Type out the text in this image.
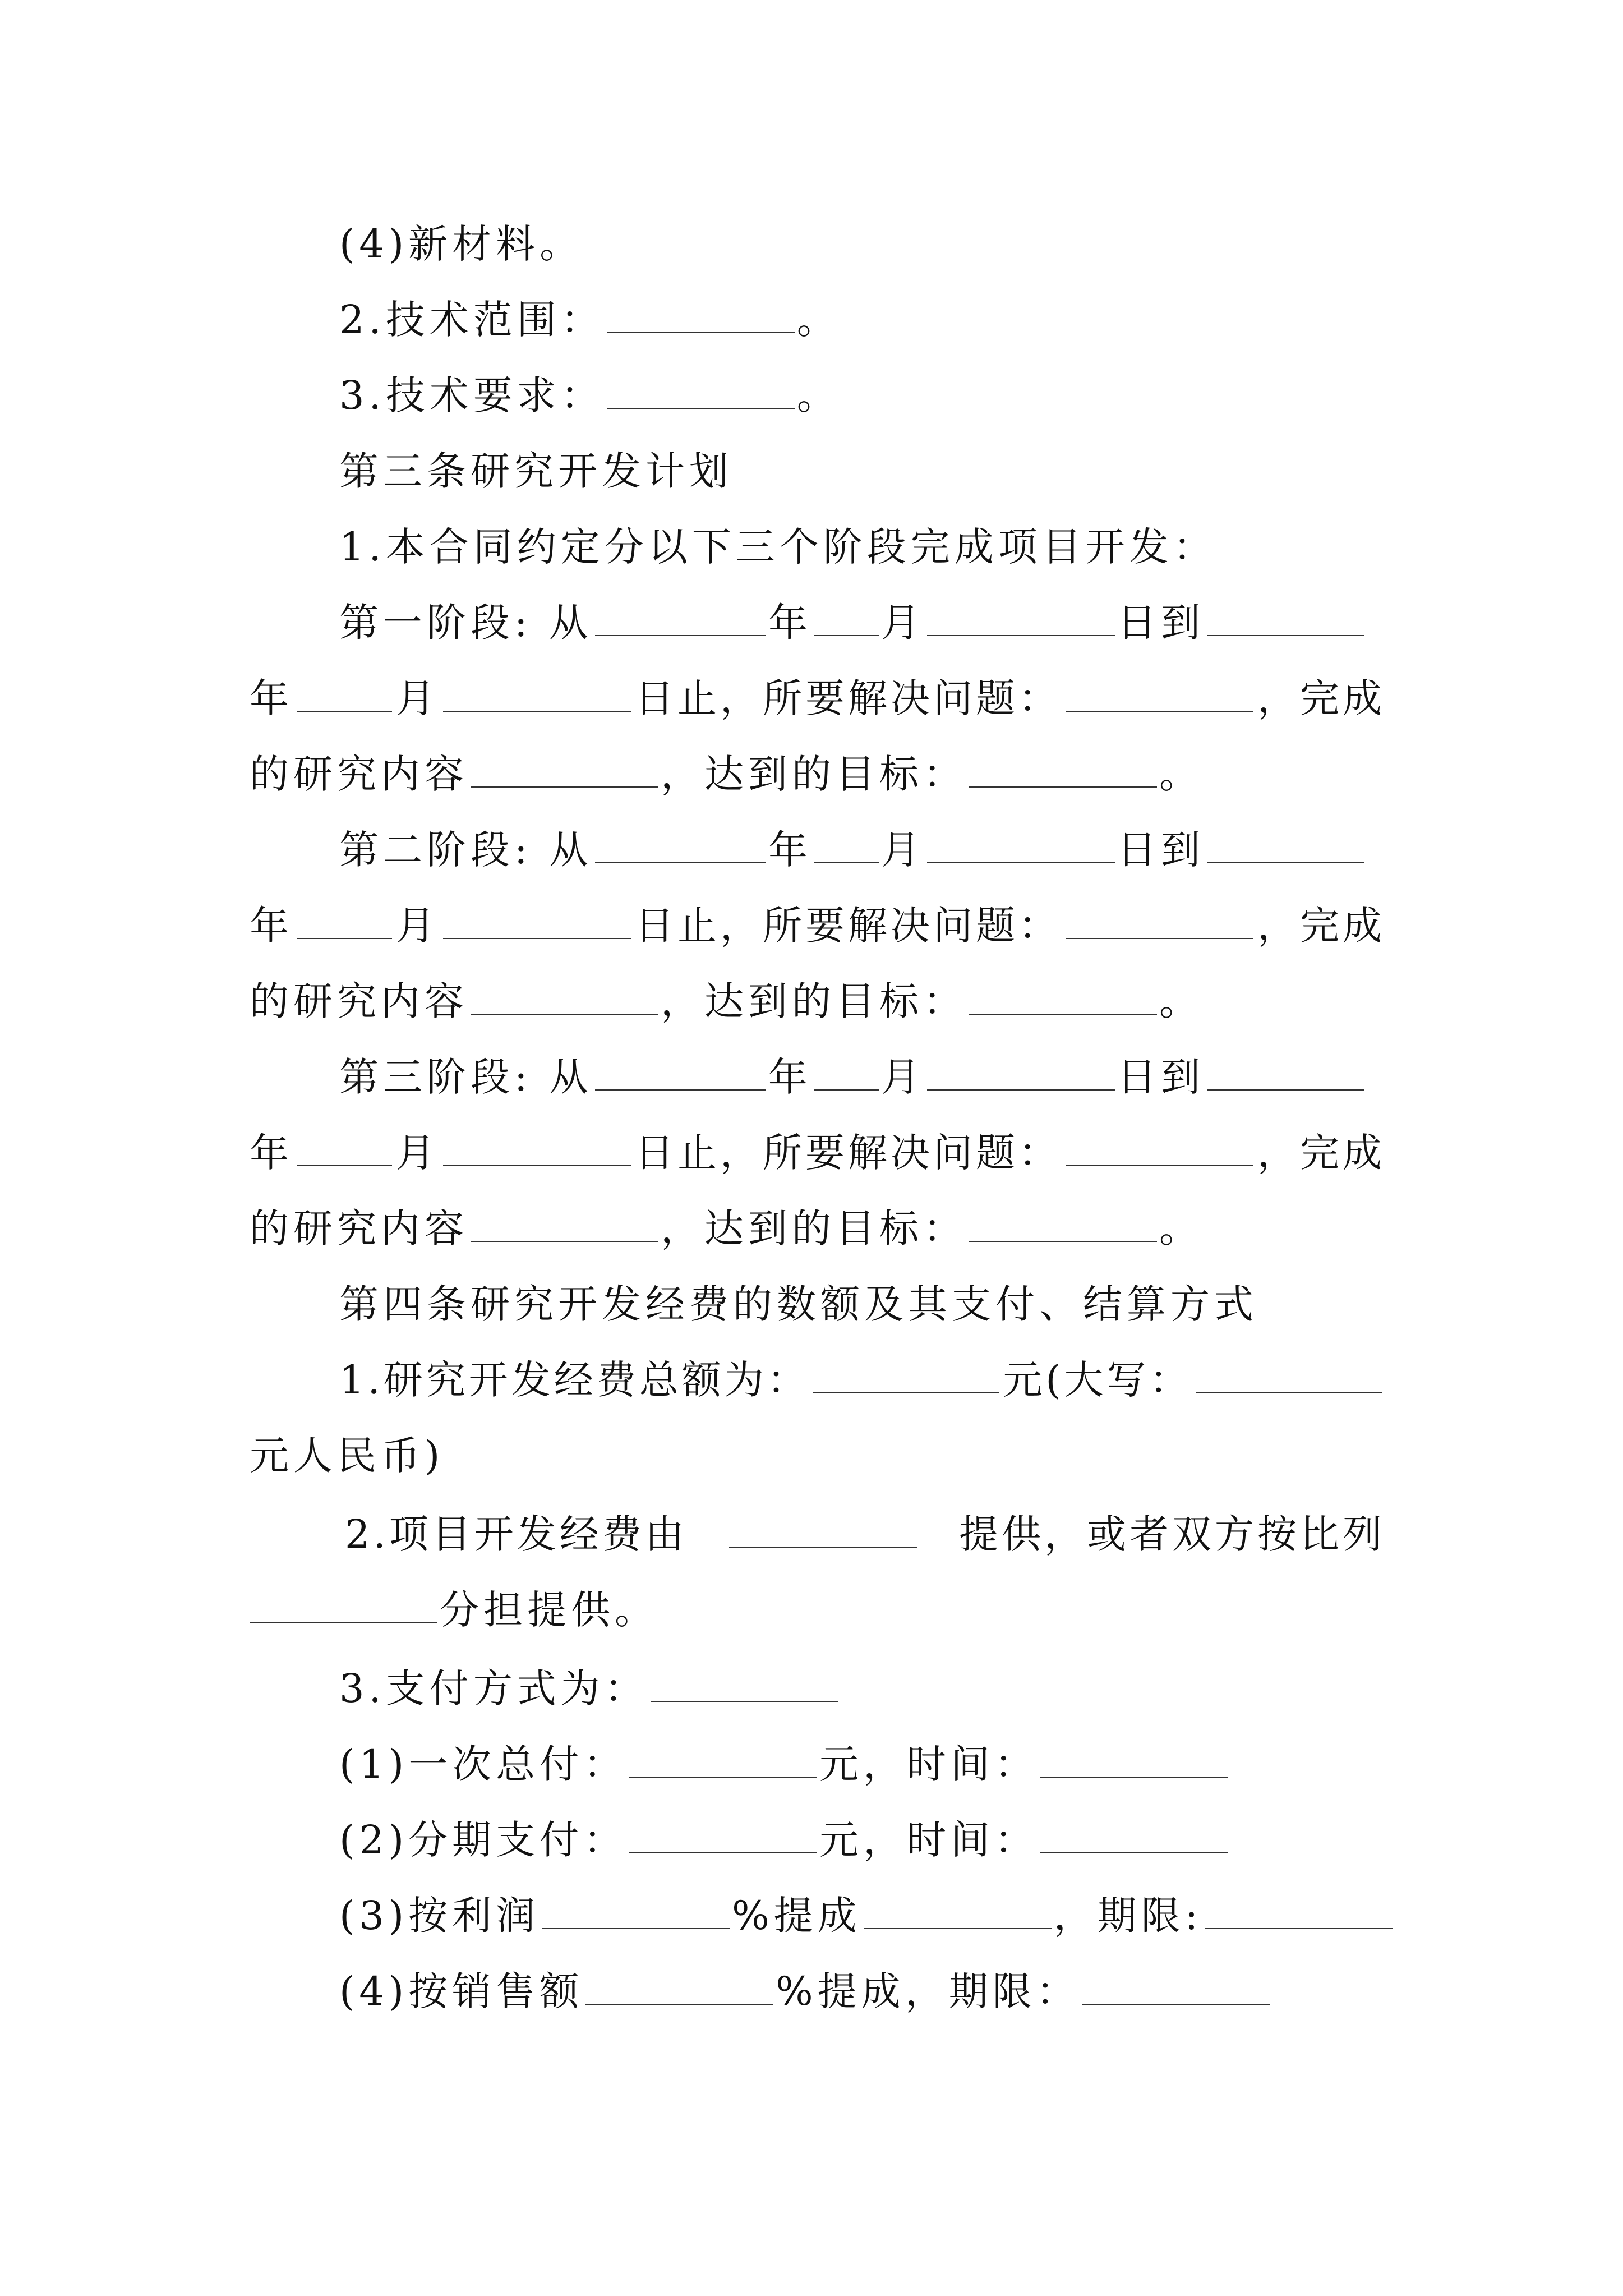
(4)新材料。
2.技术范围：	。
3.技术要求：	。
第三条研究开发计划
1.本合同约定分以下三个阶段完成项目开发：
第一阶段: 从	年 月	日到
年	月	日止，所要解决问题：	，完成
的研究内容	，达到的目标：	。
第二阶段: 从	年 月	日到
年	月	日止，所要解决问题：	，完成
的研究内容	，达到的目标：	。
第三阶段: 从	年 月	日到
年	月	日止，所要解决问题：	，完成
的研究内容	，达到的目标：	。
第四条研究开发经费的数额及其支付、结算方式
1.研究开发经费总额为：	元(大写：
元人民币)
2.项目开发经费由	提供，或者双方按比列
分担提供。
3.支付方式为：
(1)一次总付：	元，时间：
(2)分期支付：	元，时间：
(3)按利润	%提成	，期限:
(4)按销售额	%提成，期限：
